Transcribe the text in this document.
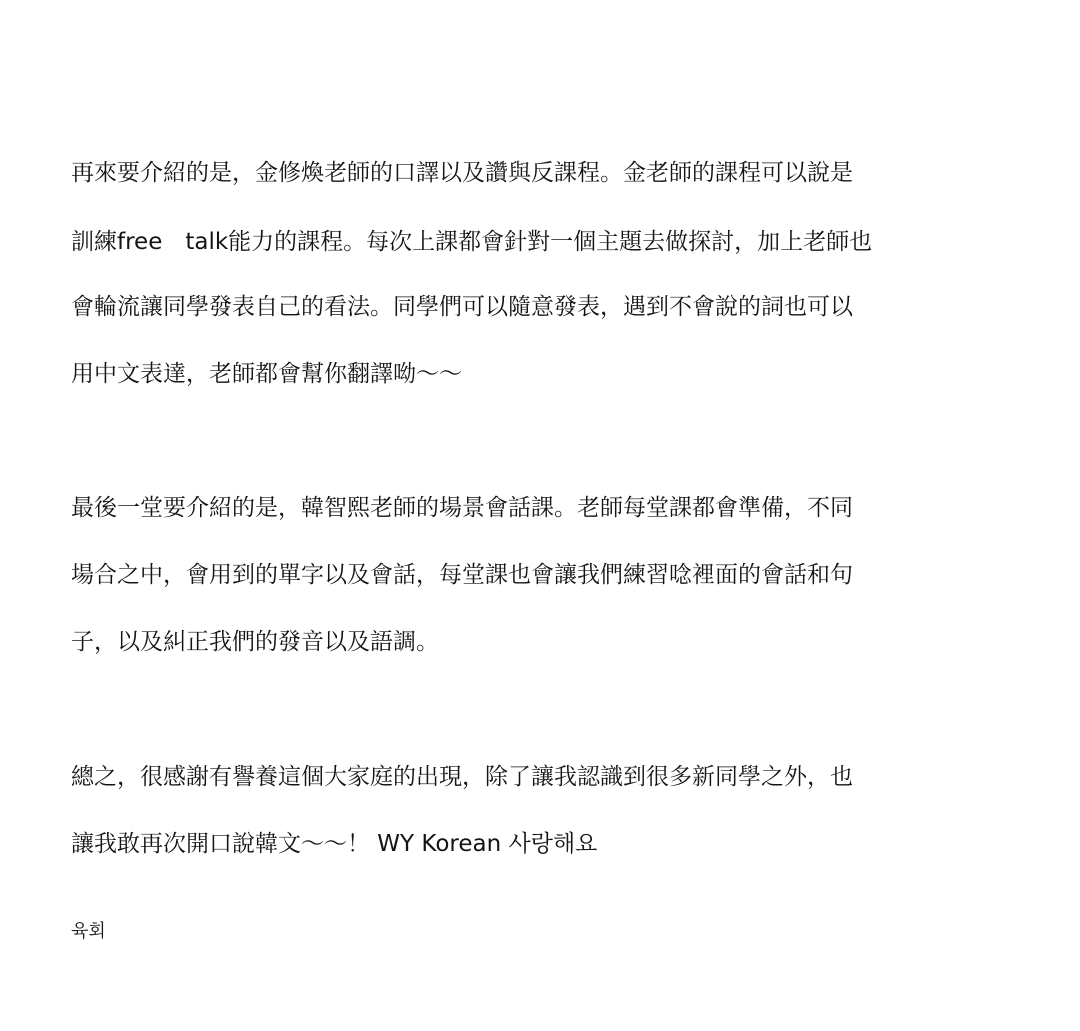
再來要介紹的是，金修煥老師的口譯以及讚與反課程。金老師的課程可以說是
訓練free　talk能力的課程。每次上課都會針對一個主題去做探討，加上老師也
會輪流讓同學發表自己的看法。同學們可以隨意發表，遇到不會說的詞也可以
用中文表達，老師都會幫你翻譯呦～～
最後一堂要介紹的是，韓智熙老師的場景會話課。老師每堂課都會準備，不同
場合之中，會用到的單字以及會話，每堂課也會讓我們練習唸裡面的會話和句
子，以及糾正我們的發音以及語調。
總之，很感謝有譽養這個大家庭的出現，除了讓我認識到很多新同學之外，也
讓我敢再次開口說韓文～～！ WY Korean 사랑해요
육회
